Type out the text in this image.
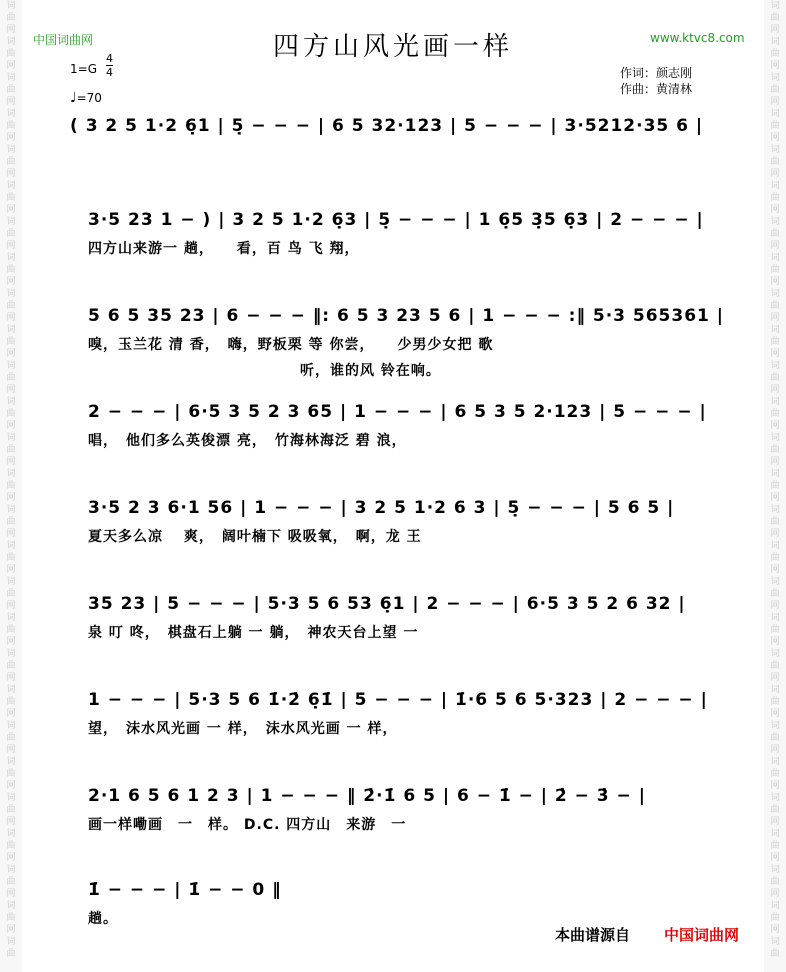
词
曲
网
词
曲
网
词
曲
网
词
曲
网
词
曲
网
词
曲
网
词
曲
网
词
曲
网
词
曲
网
词
曲
网
词
曲
网
词
曲
网
词
曲
网
词
曲
网
词
曲
网
词
曲
网
词
曲
网
词
曲
网
词
曲
网
词
曲
网
词
曲
网
词
曲
网
词
曲
网
词
曲
网
词
曲
网
词
曲
网
词
曲
词
曲
网
词
曲
网
词
曲
网
词
曲
网
词
曲
网
词
曲
网
词
曲
网
词
曲
网
词
曲
网
词
曲
网
词
曲
网
词
曲
网
词
曲
网
词
曲
网
词
曲
网
词
曲
网
词
曲
网
词
曲
网
词
曲
网
词
曲
网
词
曲
网
词
曲
网
词
曲
网
词
曲
网
词
曲
网
词
曲
网
词
曲
中国词曲网	www.ktvc8.com
四方山风光画一样
1=G
4
4
♩=70
作词：颜志刚
作曲：黄清林
( 3 2 5 1·2 6̣1 | 5̣ − − − | 6 5 32·123 | 5 − − − | 3·5212·35 6 |
3·5 23 1 − ) | 3 2 5 1·2 6̣3 | 5̣ − − − | 1 6̣5 3̣5 6̣3 | 2 − − − |
四方山来游一 趟，　　看，百 鸟 飞 翔，
5 6 5 35 23 | 6 − − − ‖: 6 5 3 23 5 6 | 1 − − − :‖ 5·3 565361 |
嗅，玉兰花 清 香，　嗨，野板栗 等 你尝，　　少男少女把 歌
听，谁的风 铃在响。
2 − − − | 6·5 3 5 2 3 65 | 1 − − − | 6 5 3 5 2·123 | 5 − − − |
唱，　他们多么英俊漂 亮，　竹海林海泛 碧 浪，
3·5 2 3 6·1 56 | 1 − − − | 3 2 5 1·2 6 3 | 5̣ − − − | 5 6 5 |
夏天多么凉　 爽，　阔叶楠下 吸吸氧，　啊，龙 王
35 23 | 5 − − − | 5·3 5 6 53 6̣1 | 2 − − − | 6·5 3 5 2 6 32 |
泉 叮 咚，　棋盘石上躺 一 躺，　神农天台上望 一
1 − − − | 5·3 5 6 1̇·2̇ 6̣1̇ | 5 − − − | 1̇·6 5 6 5·323 | 2 − − − |
望，　沫水风光画 一 样，　沫水风光画 一 样，
2·1 6 5 6 1 2 3 | 1 − − − ‖ 2̇·1̇ 6 5 | 6 − 1̇ − | 2̇ − 3̇ − |
画一样嘞画　一　样。 D.C. 四方山　来游　一
1̇ − − − | 1̇ − − 0 ‖
趟。
本曲谱源自 中国词曲网
